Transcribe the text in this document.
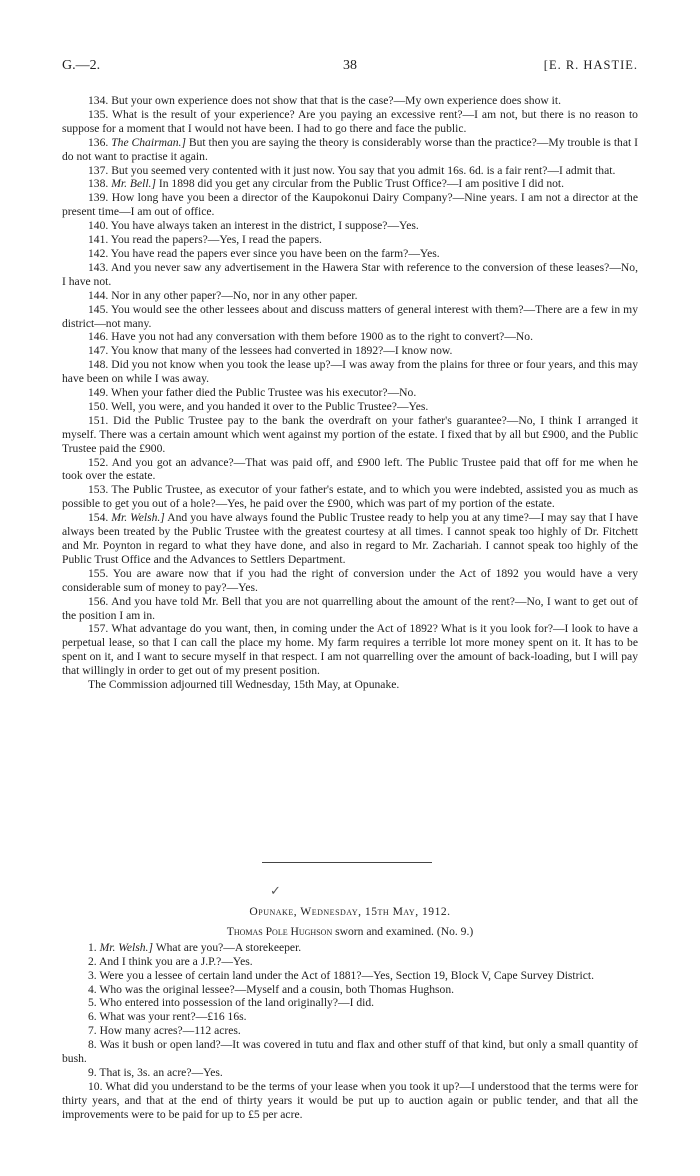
G.—2.	38	[E. R. HASTIE.

134. But your own experience does not show that that is the case?—My own experience does show it.

135. What is the result of your experience? Are you paying an excessive rent?—I am not, but there is no reason to suppose for a moment that I would not have been. I had to go there and face the public.

136. The Chairman.] But then you are saying the theory is considerably worse than the practice?—My trouble is that I do not want to practise it again.

137. But you seemed very contented with it just now. You say that you admit 16s. 6d. is a fair rent?—I admit that.

138. Mr. Bell.] In 1898 did you get any circular from the Public Trust Office?—I am positive I did not.

139. How long have you been a director of the Kaupokonui Dairy Company?—Nine years. I am not a director at the present time—I am out of office.

140. You have always taken an interest in the district, I suppose?—Yes.

141. You read the papers?—Yes, I read the papers.

142. You have read the papers ever since you have been on the farm?—Yes.

143. And you never saw any advertisement in the Hawera Star with reference to the conversion of these leases?—No, I have not.

144. Nor in any other paper?—No, nor in any other paper.

145. You would see the other lessees about and discuss matters of general interest with them?—There are a few in my district—not many.

146. Have you not had any conversation with them before 1900 as to the right to convert?—No.

147. You know that many of the lessees had converted in 1892?—I know now.

148. Did you not know when you took the lease up?—I was away from the plains for three or four years, and this may have been on while I was away.

149. When your father died the Public Trustee was his executor?—No.

150. Well, you were, and you handed it over to the Public Trustee?—Yes.

151. Did the Public Trustee pay to the bank the overdraft on your father's guarantee?—No, I think I arranged it myself. There was a certain amount which went against my portion of the estate. I fixed that by all but £900, and the Public Trustee paid the £900.

152. And you got an advance?—That was paid off, and £900 left. The Public Trustee paid that off for me when he took over the estate.

153. The Public Trustee, as executor of your father's estate, and to which you were indebted, assisted you as much as possible to get you out of a hole?—Yes, he paid over the £900, which was part of my portion of the estate.

154. Mr. Welsh.] And you have always found the Public Trustee ready to help you at any time?—I may say that I have always been treated by the Public Trustee with the greatest courtesy at all times. I cannot speak too highly of Dr. Fitchett and Mr. Poynton in regard to what they have done, and also in regard to Mr. Zachariah. I cannot speak too highly of the Public Trust Office and the Advances to Settlers Department.

155. You are aware now that if you had the right of conversion under the Act of 1892 you would have a very considerable sum of money to pay?—Yes.

156. And you have told Mr. Bell that you are not quarrelling about the amount of the rent?—No, I want to get out of the position I am in.

157. What advantage do you want, then, in coming under the Act of 1892? What is it you look for?—I look to have a perpetual lease, so that I can call the place my home. My farm requires a terrible lot more money spent on it. It has to be spent on it, and I want to secure myself in that respect. I am not quarrelling over the amount of back-loading, but I will pay that willingly in order to get out of my present position.

The Commission adjourned till Wednesday, 15th May, at Opunake.

✓

Opunake, Wednesday, 15th May, 1912.

Thomas Pole Hughson sworn and examined. (No. 9.)

1. Mr. Welsh.] What are you?—A storekeeper.

2. And I think you are a J.P.?—Yes.

3. Were you a lessee of certain land under the Act of 1881?—Yes, Section 19, Block V, Cape Survey District.

4. Who was the original lessee?—Myself and a cousin, both Thomas Hughson.

5. Who entered into possession of the land originally?—I did.

6. What was your rent?—£16 16s.

7. How many acres?—112 acres.

8. Was it bush or open land?—It was covered in tutu and flax and other stuff of that kind, but only a small quantity of bush.

9. That is, 3s. an acre?—Yes.

10. What did you understand to be the terms of your lease when you took it up?—I understood that the terms were for thirty years, and that at the end of thirty years it would be put up to auction again or public tender, and that all the improvements were to be paid for up to £5 per acre.
